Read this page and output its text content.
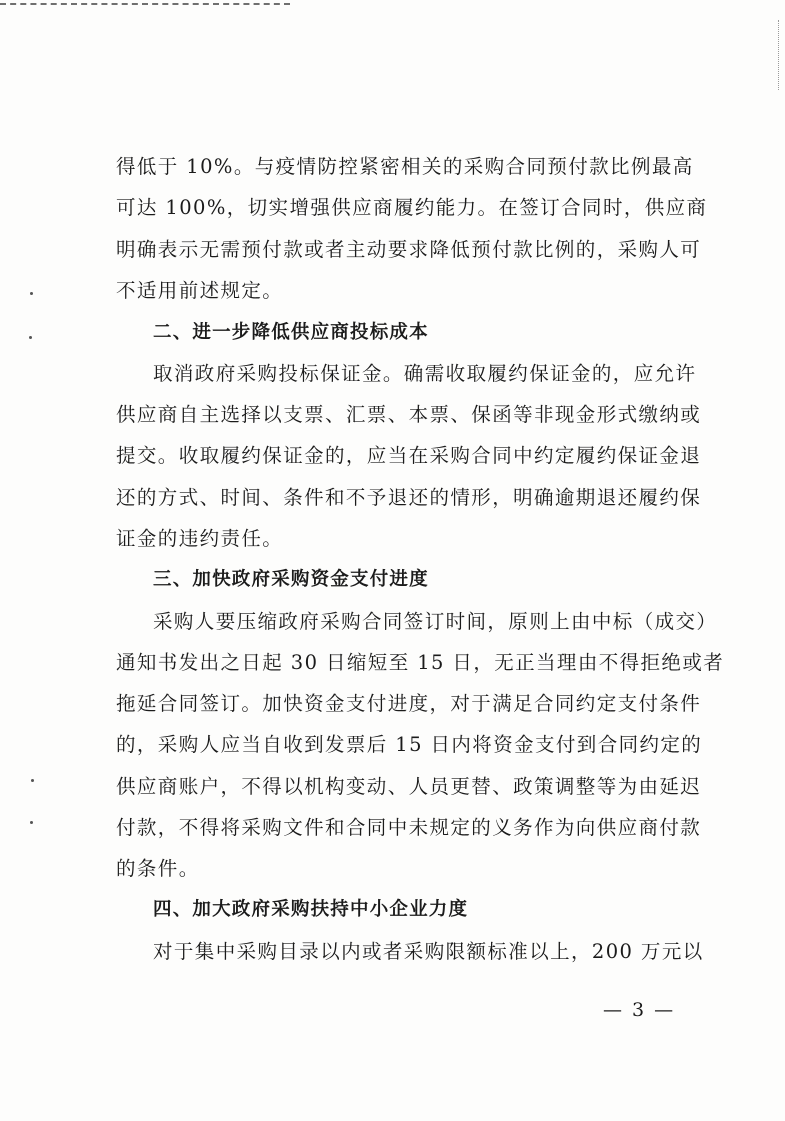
得低于 10%。与疫情防控紧密相关的采购合同预付款比例最高
可达 100%，切实增强供应商履约能力。在签订合同时，供应商
明确表示无需预付款或者主动要求降低预付款比例的，采购人可
不适用前述规定。
二、进一步降低供应商投标成本
取消政府采购投标保证金。确需收取履约保证金的，应允许
供应商自主选择以支票、汇票、本票、保函等非现金形式缴纳或
提交。收取履约保证金的，应当在采购合同中约定履约保证金退
还的方式、时间、条件和不予退还的情形，明确逾期退还履约保
证金的违约责任。
三、加快政府采购资金支付进度
采购人要压缩政府采购合同签订时间，原则上由中标（成交）
通知书发出之日起 30 日缩短至 15 日，无正当理由不得拒绝或者
拖延合同签订。加快资金支付进度，对于满足合同约定支付条件
的，采购人应当自收到发票后 15 日内将资金支付到合同约定的
供应商账户，不得以机构变动、人员更替、政策调整等为由延迟
付款，不得将采购文件和合同中未规定的义务作为向供应商付款
的条件。
四、加大政府采购扶持中小企业力度
对于集中采购目录以内或者采购限额标准以上，200 万元以
— 3 —
